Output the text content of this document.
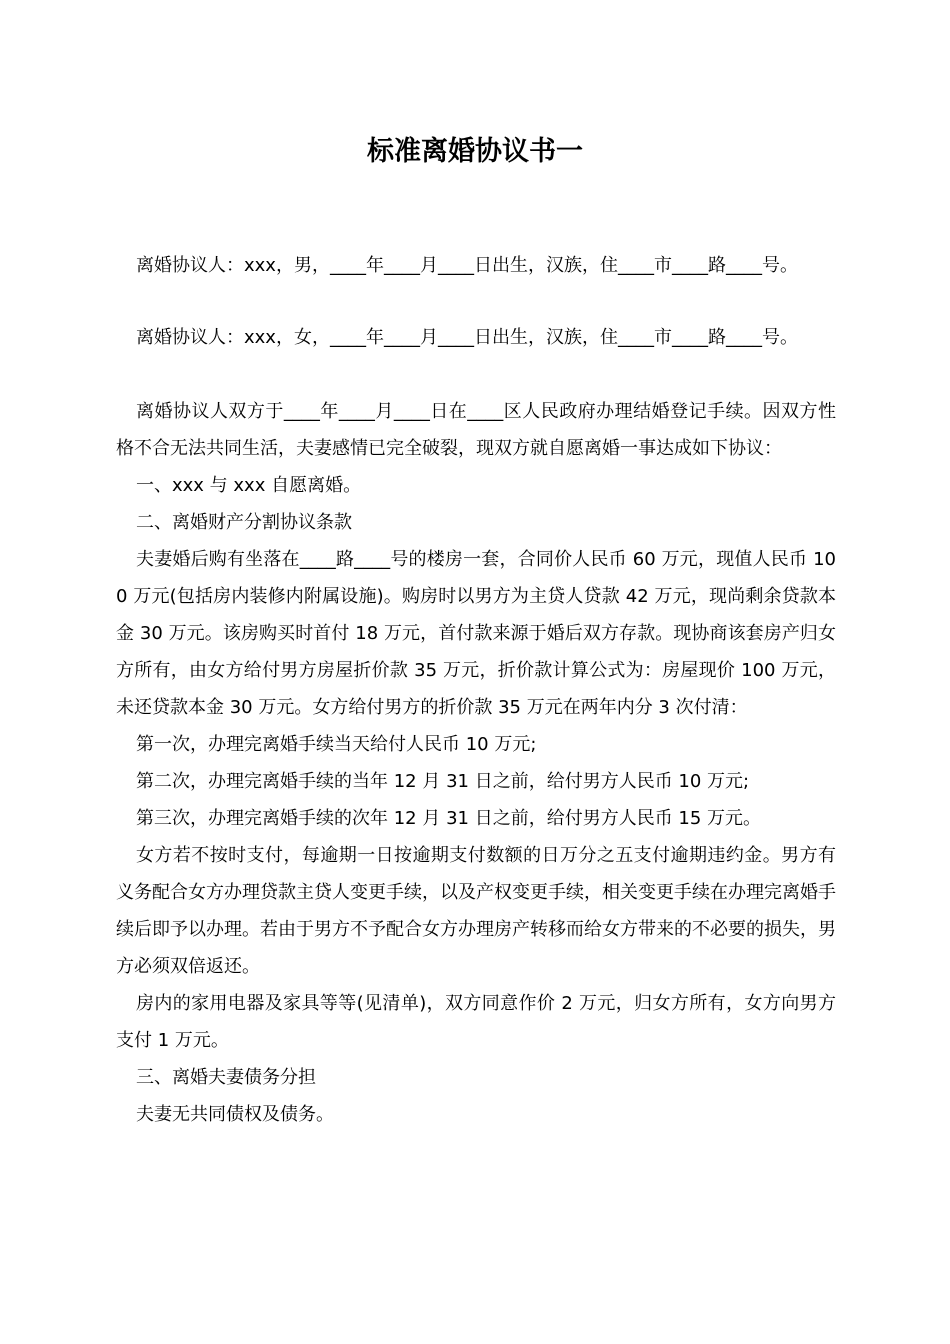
标准离婚协议书一

离婚协议人：xxx，男，____年____月____日出生，汉族，住____市____路____号。

离婚协议人：xxx，女，____年____月____日出生，汉族，住____市____路____号。

离婚协议人双方于____年____月____日在____区人民政府办理结婚登记手续。因双方性格不合无法共同生活，夫妻感情已完全破裂，现双方就自愿离婚一事达成如下协议：

一、xxx 与 xxx 自愿离婚。

二、离婚财产分割协议条款

夫妻婚后购有坐落在____路____号的楼房一套，合同价人民币 60 万元，现值人民币 100 万元(包括房内装修内附属设施)。购房时以男方为主贷人贷款 42 万元，现尚剩余贷款本金 30 万元。该房购买时首付 18 万元，首付款来源于婚后双方存款。现协商该套房产归女方所有，由女方给付男方房屋折价款 35 万元，折价款计算公式为：房屋现价 100 万元，未还贷款本金 30 万元。女方给付男方的折价款 35 万元在两年内分 3 次付清：

第一次，办理完离婚手续当天给付人民币 10 万元;

第二次，办理完离婚手续的当年 12 月 31 日之前，给付男方人民币 10 万元;

第三次，办理完离婚手续的次年 12 月 31 日之前，给付男方人民币 15 万元。

女方若不按时支付，每逾期一日按逾期支付数额的日万分之五支付逾期违约金。男方有义务配合女方办理贷款主贷人变更手续，以及产权变更手续，相关变更手续在办理完离婚手续后即予以办理。若由于男方不予配合女方办理房产转移而给女方带来的不必要的损失，男方必须双倍返还。

房内的家用电器及家具等等(见清单)，双方同意作价 2 万元，归女方所有，女方向男方支付 1 万元。

三、离婚夫妻债务分担

夫妻无共同债权及债务。
